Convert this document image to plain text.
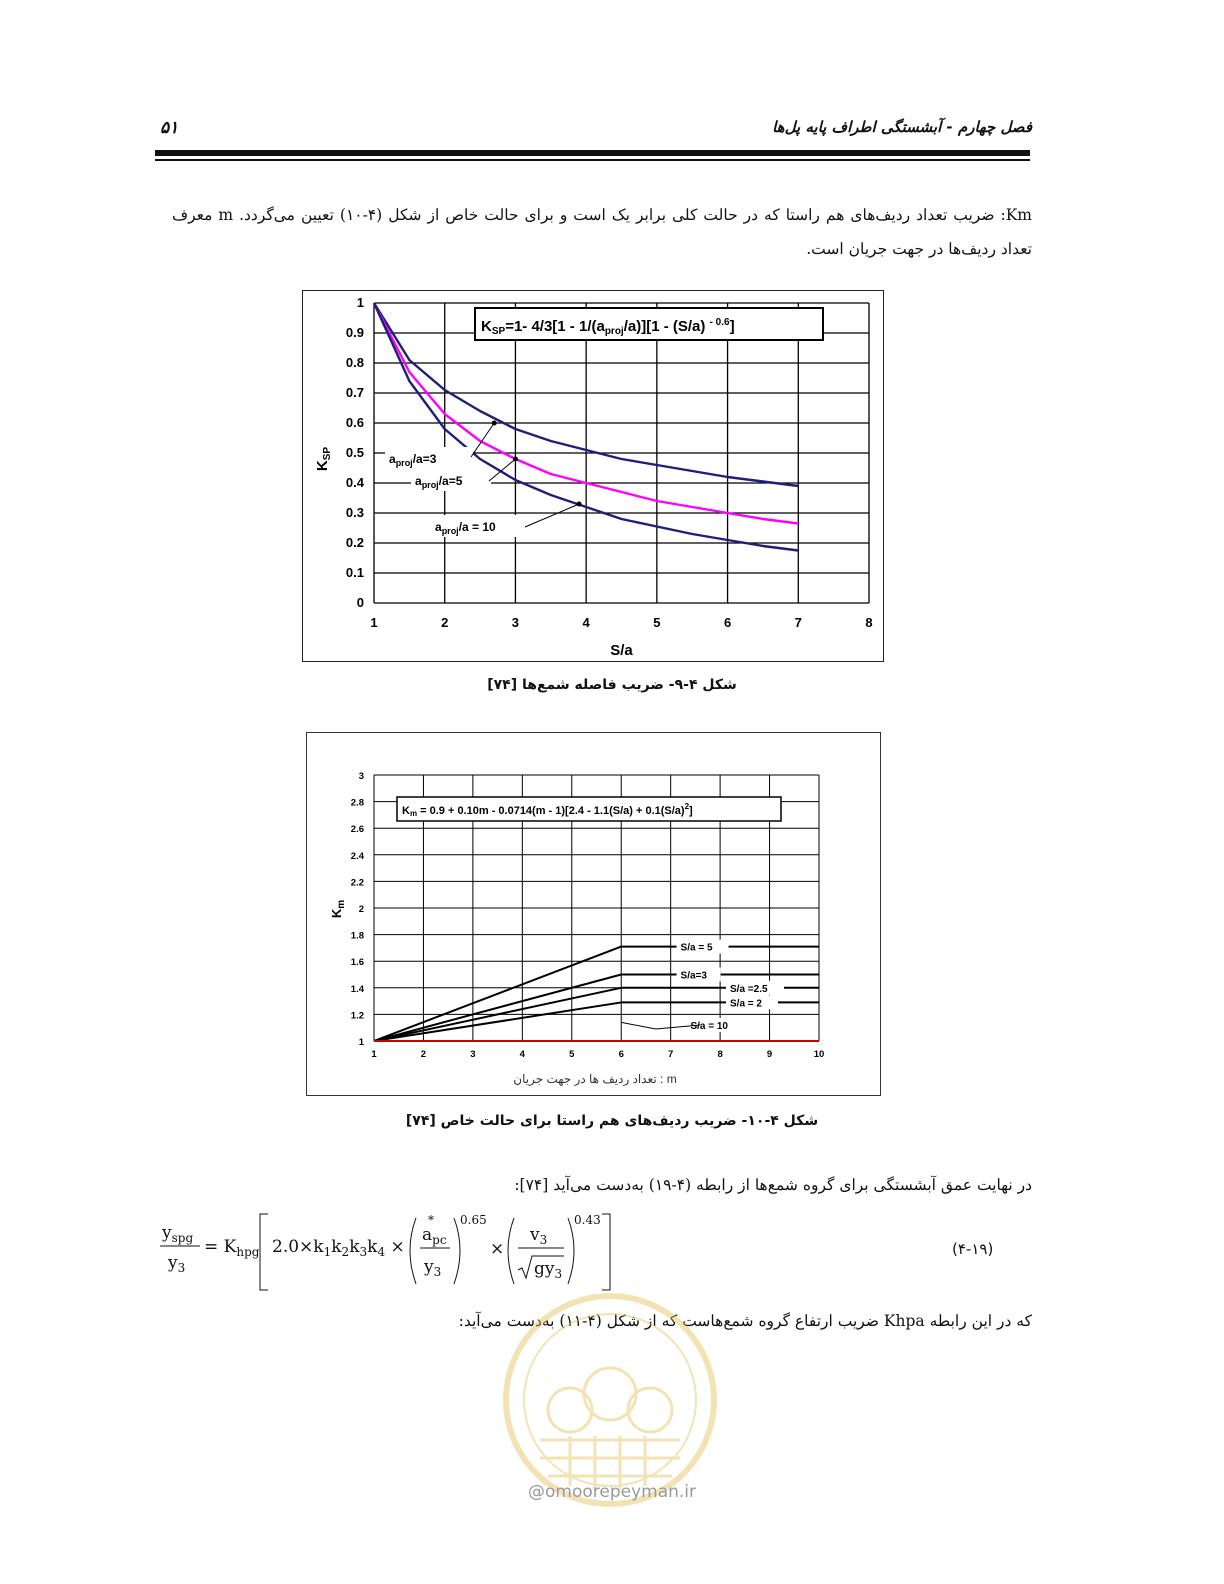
فصل چهارم - آبشستگی اطراف پایه پل‌ها
۵۱
Km: ضریب تعداد ردیف‌های هم راستا که در حالت کلی برابر یک است و برای حالت خاص از شکل (۴-۱۰) تعیین می‌گردد. m معرف تعداد ردیف‌ها در جهت جریان است.
1	2	3	4	5	6	7	8
0
0.1
0.2
0.3
0.4
0.5
0.6
0.7
0.8
0.9
1
S/a
$K_{SP}$
$K_{SP}=1-$ $4/3[1 - 1/(a_{proj}/a)][1 - (S/a)$ $^{- 0.6}$]
$a_{proj}/a=3$
$a_{proj}/a=5$
$a_{proj}/a = 10$
شکل ۴-۹- ضریب فاصله شمع‌ها [۷۴]
1	2	3	4	5	6	7	8	9	10
1
1.2
1.4
1.6
1.8
2
2.2
2.4
2.6
2.8
3
m : تعداد ردیف ها در جهت جریان
$K_m$
$Km = 0.9 + 0.10m - 0.0714(m - 1)[2.4 - 1.1(S/a) + 0.1(S/a)^2]$
S/a = 5
S/a=3
S/a =2.5
S/a = 2
S/a = 10
شکل ۴-۱۰- ضریب ردیف‌های هم راستا برای حالت خاص [۷۴]
در نهایت عمق آبشستگی برای گروه شمع‌ها از رابطه (۴-۱۹) به‌دست می‌آید [۷۴]:
$y_{spg}$
$y_3$
= $K_{hpg}$ $2.0\times k_1k_2k_3k_4$ ×
$a_{pc}$
*
$y_3$
0.65
×
$v_3$
$gy_3$
0.43
(۴-۱۹)
که در این رابطه Khpa ضریب ارتفاع گروه شمع‌هاست که از شکل (۴-۱۱) به‌دست می‌آید:
@omoorepeyman.ir
